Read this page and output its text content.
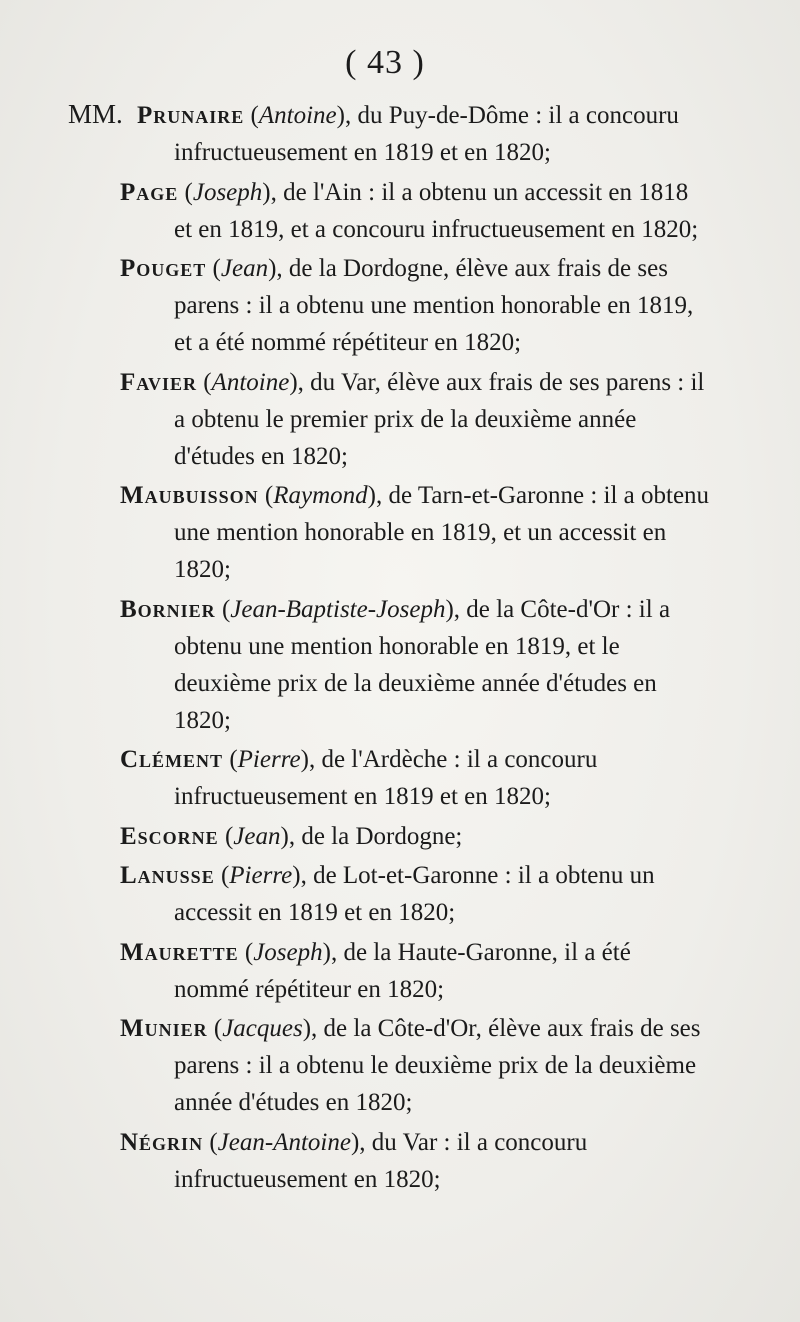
( 43 )

MM. Prunaire (Antoine), du Puy-de-Dôme : il a concouru infructueusement en 1819 et en 1820;

Page (Joseph), de l'Ain : il a obtenu un accessit en 1818 et en 1819, et a concouru infructueusement en 1820;

Pouget (Jean), de la Dordogne, élève aux frais de ses parens : il a obtenu une mention honorable en 1819, et a été nommé répétiteur en 1820;

Favier (Antoine), du Var, élève aux frais de ses parens : il a obtenu le premier prix de la deuxième année d'études en 1820;

Maubuisson (Raymond), de Tarn-et-Garonne : il a obtenu une mention honorable en 1819, et un accessit en 1820;

Bornier (Jean-Baptiste-Joseph), de la Côte-d'Or : il a obtenu une mention honorable en 1819, et le deuxième prix de la deuxième année d'études en 1820;

Clément (Pierre), de l'Ardèche : il a concouru infructueusement en 1819 et en 1820;

Escorne (Jean), de la Dordogne;

Lanusse (Pierre), de Lot-et-Garonne : il a obtenu un accessit en 1819 et en 1820;

Maurette (Joseph), de la Haute-Garonne, il a été nommé répétiteur en 1820;

Munier (Jacques), de la Côte-d'Or, élève aux frais de ses parens : il a obtenu le deuxième prix de la deuxième année d'études en 1820;

Négrin (Jean-Antoine), du Var : il a concouru infructueusement en 1820;
